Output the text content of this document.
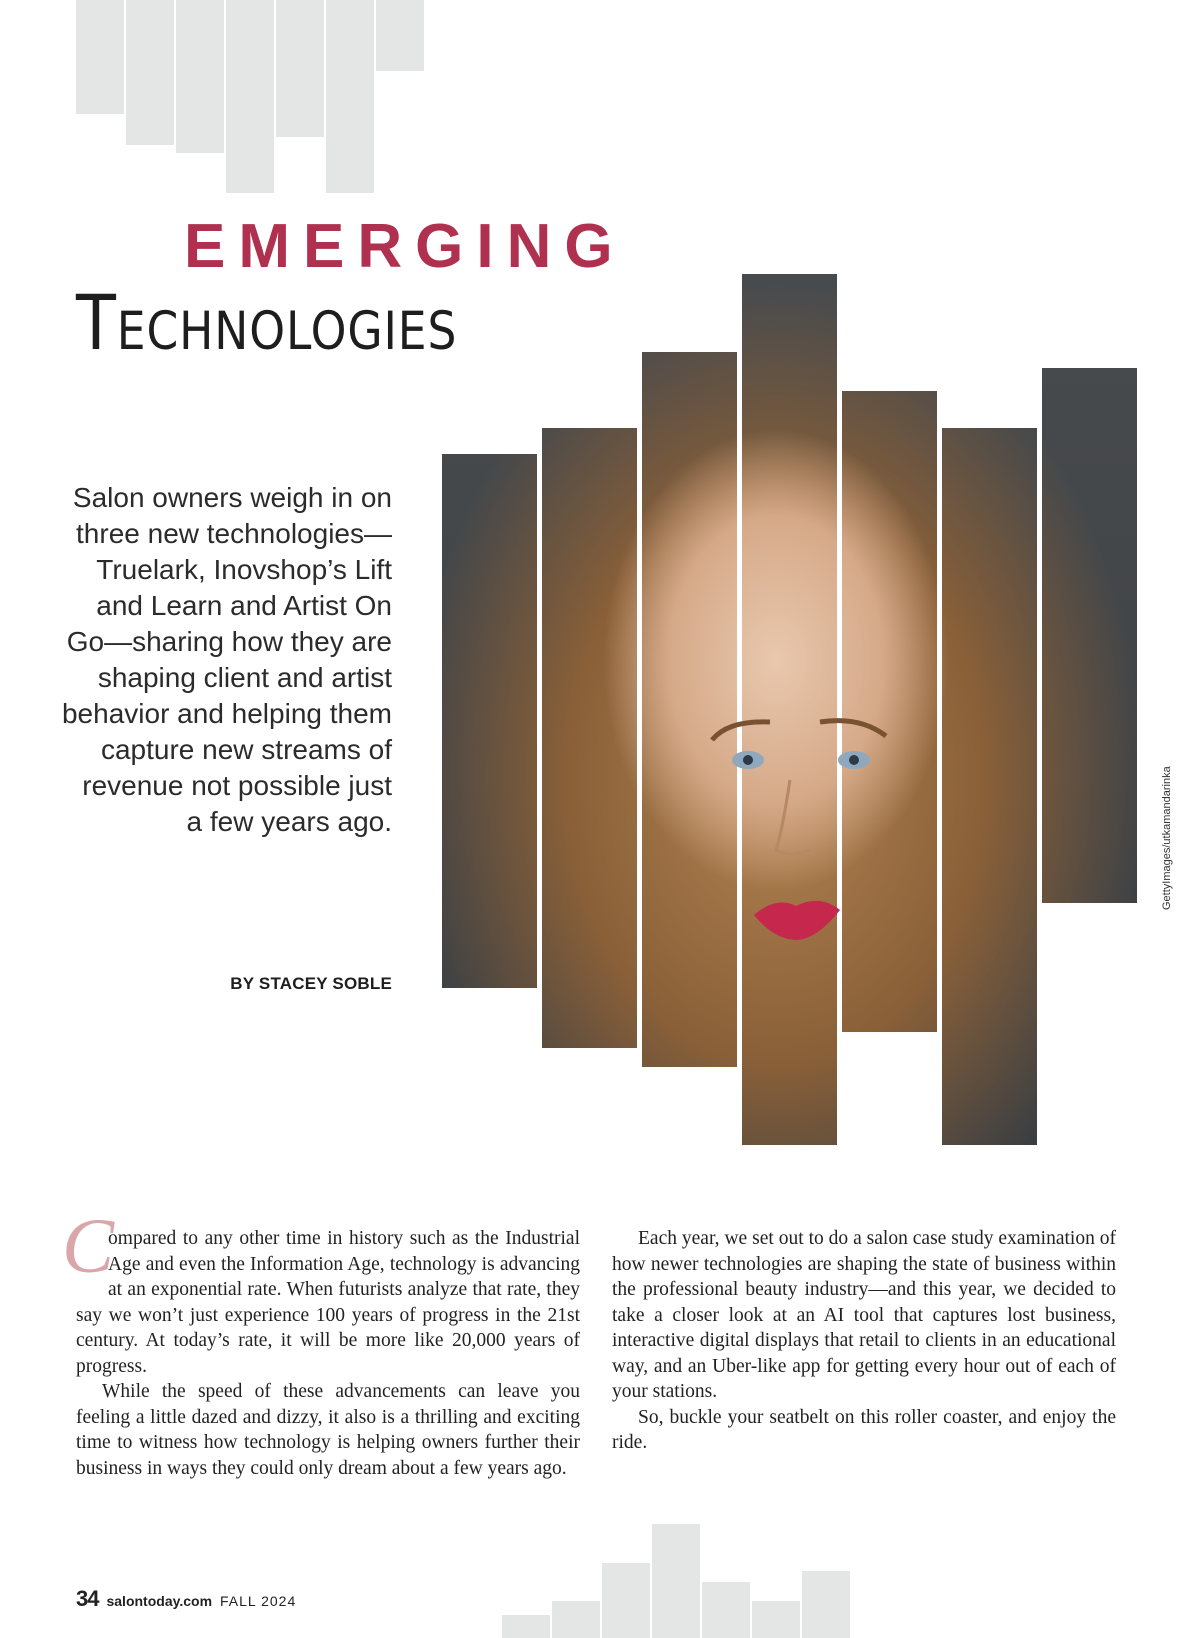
EMERGING
Technologies

Salon owners weigh in on three new technologies—Truelark, Inovshop’s Lift and Learn and Artist On Go—sharing how they are shaping client and artist behavior and helping them capture new streams of revenue not possible just a few years ago.

BY STACEY SOBLE
GettyImages/utkamandarinka

C
ompared to any other time in history such as the Industrial Age and even the Information Age, technology is advancing at an exponential rate. When futurists analyze that rate, they say we won’t just experience 100 years of progress in the 21st century. At today’s rate, it will be more like 20,000 years of progress.

While the speed of these advancements can leave you feeling a little dazed and dizzy, it also is a thrilling and exciting time to witness how technology is helping owners further their business in ways they could only dream about a few years ago.

Each year, we set out to do a salon case study examination of how newer technologies are shaping the state of business within the professional beauty industry—and this year, we decided to take a closer look at an AI tool that captures lost business, interactive digital displays that retail to clients in an educational way, and an Uber-like app for getting every hour out of each of your stations.

So, buckle your seatbelt on this roller coaster, and enjoy the ride.

34 salontoday.com FALL 2024
